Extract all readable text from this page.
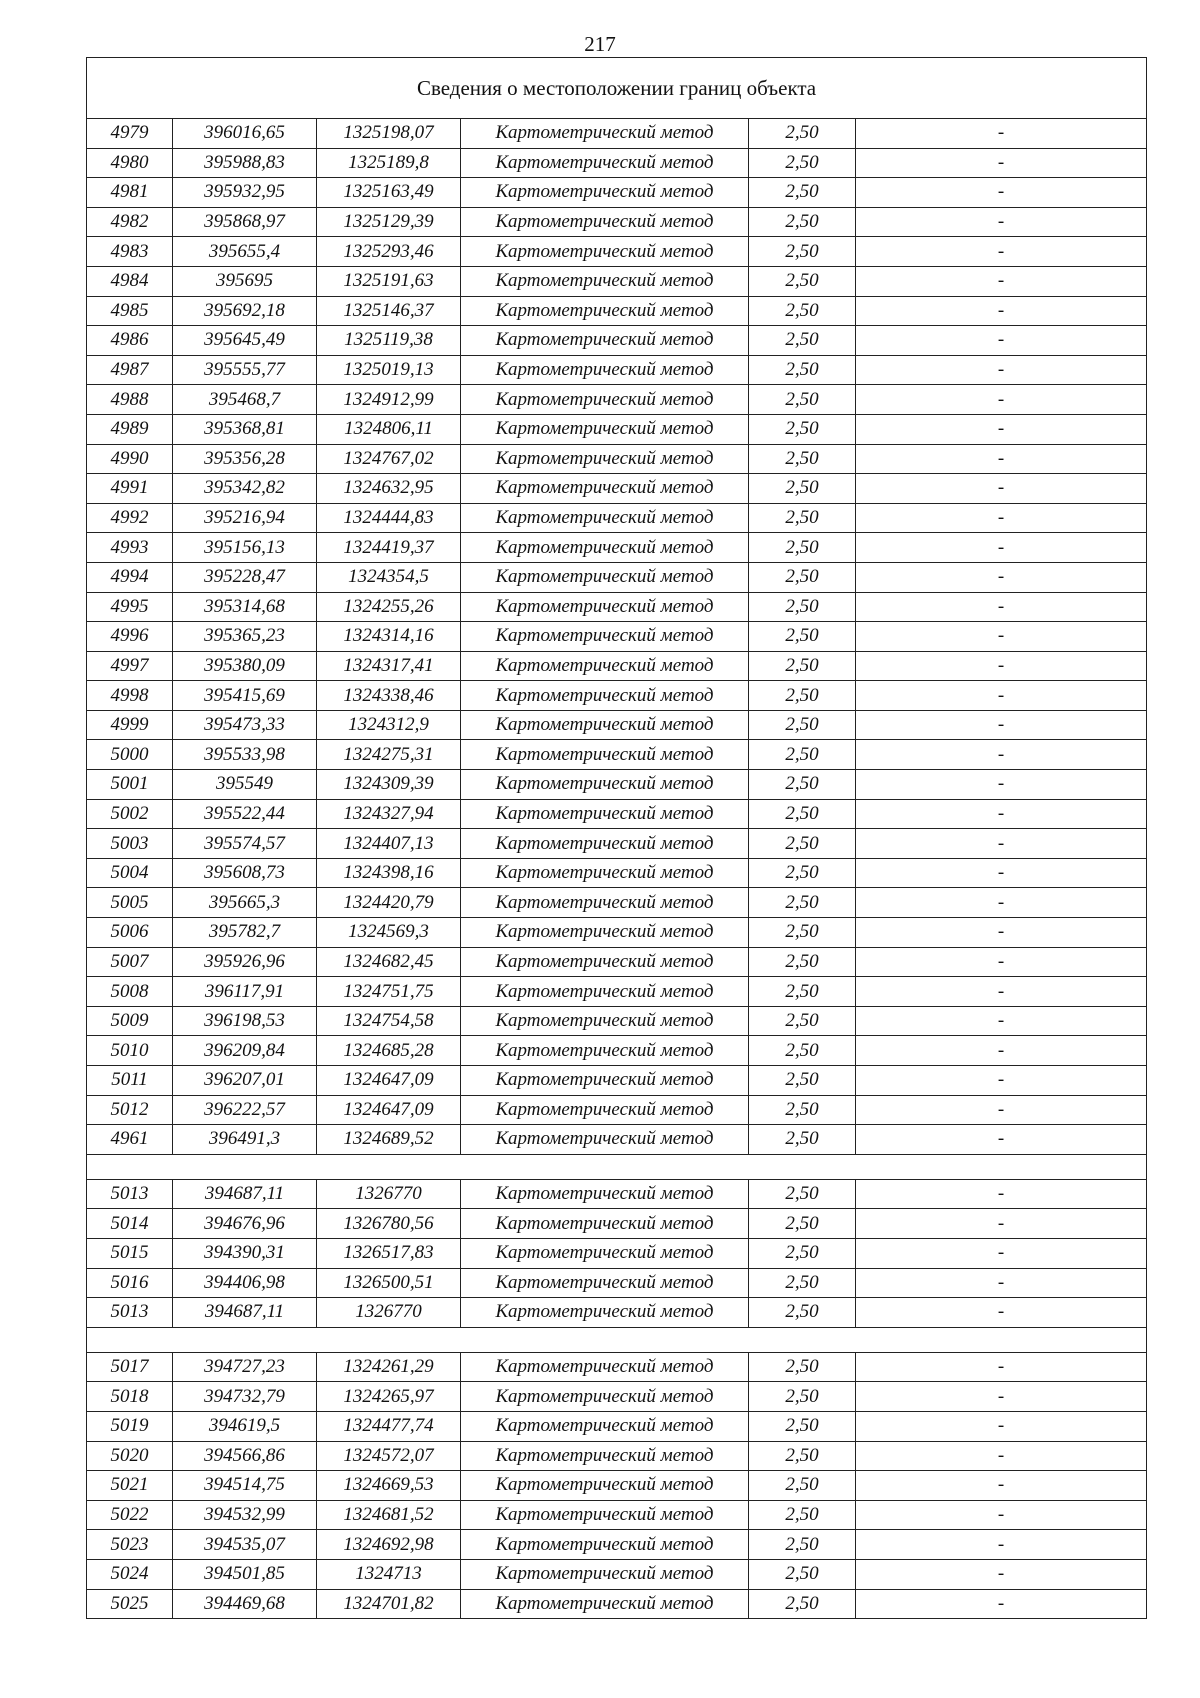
217
Сведения о местоположении границ объекта					
4979	396016,65	1325198,07	Картометрический метод	2,50	-
4980	395988,83	1325189,8	Картометрический метод	2,50	-
4981	395932,95	1325163,49	Картометрический метод	2,50	-
4982	395868,97	1325129,39	Картометрический метод	2,50	-
4983	395655,4	1325293,46	Картометрический метод	2,50	-
4984	395695	1325191,63	Картометрический метод	2,50	-
4985	395692,18	1325146,37	Картометрический метод	2,50	-
4986	395645,49	1325119,38	Картометрический метод	2,50	-
4987	395555,77	1325019,13	Картометрический метод	2,50	-
4988	395468,7	1324912,99	Картометрический метод	2,50	-
4989	395368,81	1324806,11	Картометрический метод	2,50	-
4990	395356,28	1324767,02	Картометрический метод	2,50	-
4991	395342,82	1324632,95	Картометрический метод	2,50	-
4992	395216,94	1324444,83	Картометрический метод	2,50	-
4993	395156,13	1324419,37	Картометрический метод	2,50	-
4994	395228,47	1324354,5	Картометрический метод	2,50	-
4995	395314,68	1324255,26	Картометрический метод	2,50	-
4996	395365,23	1324314,16	Картометрический метод	2,50	-
4997	395380,09	1324317,41	Картометрический метод	2,50	-
4998	395415,69	1324338,46	Картометрический метод	2,50	-
4999	395473,33	1324312,9	Картометрический метод	2,50	-
5000	395533,98	1324275,31	Картометрический метод	2,50	-
5001	395549	1324309,39	Картометрический метод	2,50	-
5002	395522,44	1324327,94	Картометрический метод	2,50	-
5003	395574,57	1324407,13	Картометрический метод	2,50	-
5004	395608,73	1324398,16	Картометрический метод	2,50	-
5005	395665,3	1324420,79	Картометрический метод	2,50	-
5006	395782,7	1324569,3	Картометрический метод	2,50	-
5007	395926,96	1324682,45	Картометрический метод	2,50	-
5008	396117,91	1324751,75	Картометрический метод	2,50	-
5009	396198,53	1324754,58	Картометрический метод	2,50	-
5010	396209,84	1324685,28	Картометрический метод	2,50	-
5011	396207,01	1324647,09	Картометрический метод	2,50	-
5012	396222,57	1324647,09	Картометрический метод	2,50	-
4961	396491,3	1324689,52	Картометрический метод	2,50	-

5013	394687,11	1326770	Картометрический метод	2,50	-
5014	394676,96	1326780,56	Картометрический метод	2,50	-
5015	394390,31	1326517,83	Картометрический метод	2,50	-
5016	394406,98	1326500,51	Картометрический метод	2,50	-
5013	394687,11	1326770	Картометрический метод	2,50	-

5017	394727,23	1324261,29	Картометрический метод	2,50	-
5018	394732,79	1324265,97	Картометрический метод	2,50	-
5019	394619,5	1324477,74	Картометрический метод	2,50	-
5020	394566,86	1324572,07	Картометрический метод	2,50	-
5021	394514,75	1324669,53	Картометрический метод	2,50	-
5022	394532,99	1324681,52	Картометрический метод	2,50	-
5023	394535,07	1324692,98	Картометрический метод	2,50	-
5024	394501,85	1324713	Картометрический метод	2,50	-
5025	394469,68	1324701,82	Картометрический метод	2,50	-
